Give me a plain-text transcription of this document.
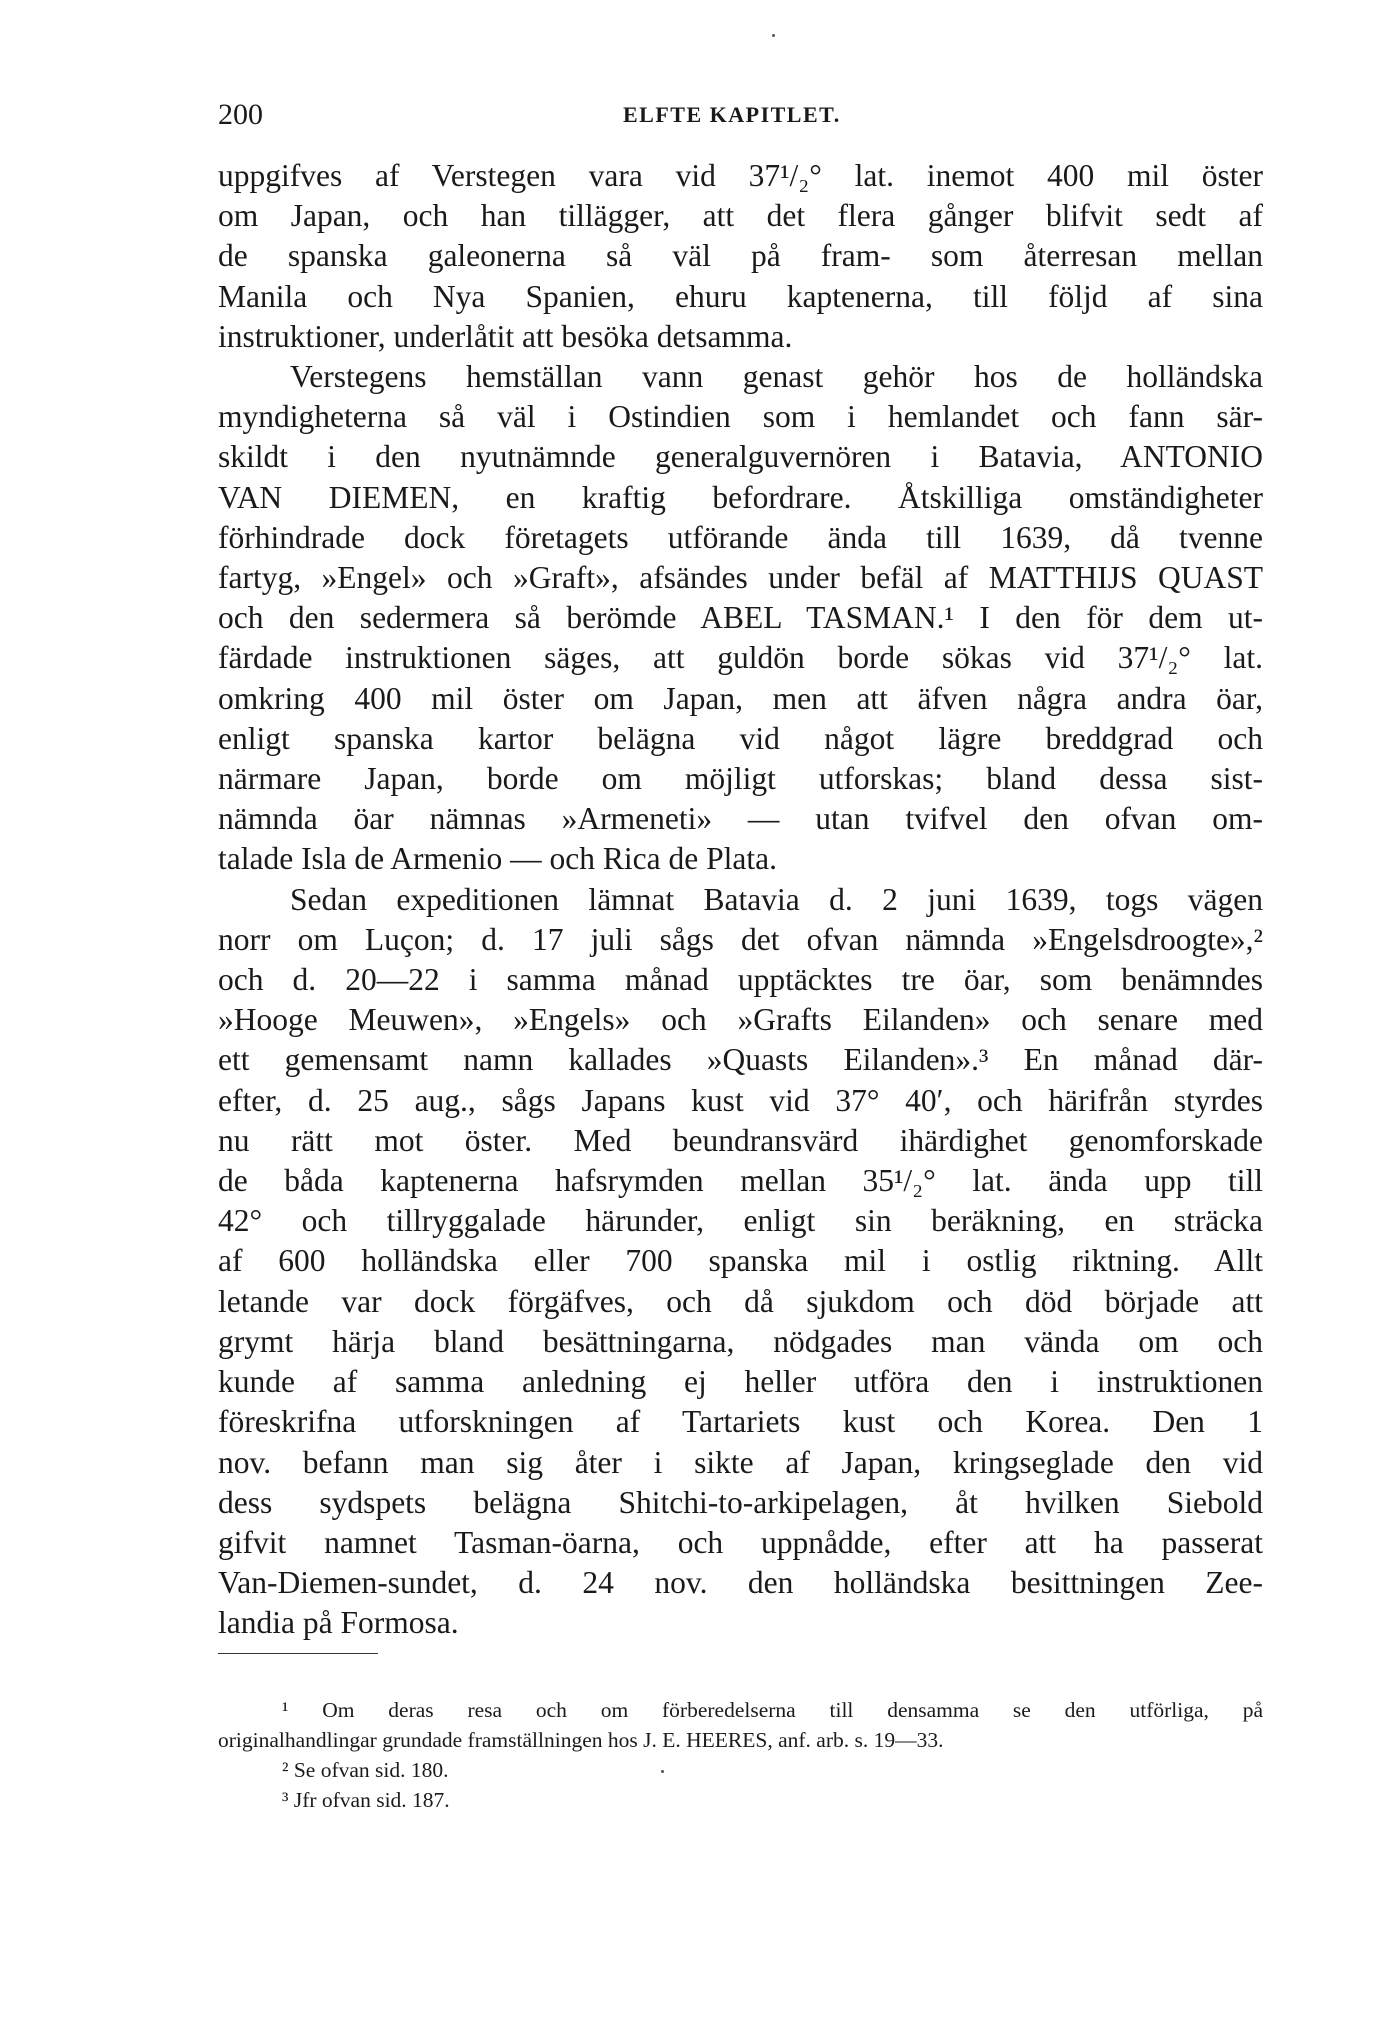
200	ELFTE KAPITLET.
uppgifves af Verstegen vara vid 37¹/₂° lat. inemot 400 mil öster
om Japan, och han tillägger, att det flera gånger blifvit sedt af
de spanska galeonerna så väl på fram- som återresan mellan
Manila och Nya Spanien, ehuru kaptenerna, till följd af sina
instruktioner, underlåtit att besöka detsamma.
Verstegens hemställan vann genast gehör hos de holländska
myndigheterna så väl i Ostindien som i hemlandet och fann sär-
skildt i den nyutnämnde generalguvernören i Batavia, ANTONIO
VAN DIEMEN, en kraftig befordrare. Åtskilliga omständigheter
förhindrade dock företagets utförande ända till 1639, då tvenne
fartyg, »Engel» och »Graft», afsändes under befäl af MATTHIJS QUAST
och den sedermera så berömde ABEL TASMAN.¹ I den för dem ut-
färdade instruktionen säges, att guldön borde sökas vid 37¹/₂° lat.
omkring 400 mil öster om Japan, men att äfven några andra öar,
enligt spanska kartor belägna vid något lägre breddgrad och
närmare Japan, borde om möjligt utforskas; bland dessa sist-
nämnda öar nämnas »Armeneti» — utan tvifvel den ofvan om-
talade Isla de Armenio — och Rica de Plata.
Sedan expeditionen lämnat Batavia d. 2 juni 1639, togs vägen
norr om Luçon; d. 17 juli sågs det ofvan nämnda »Engelsdroogte»,²
och d. 20—22 i samma månad upptäcktes tre öar, som benämndes
»Hooge Meuwen», »Engels» och »Grafts Eilanden» och senare med
ett gemensamt namn kallades »Quasts Eilanden».³ En månad där-
efter, d. 25 aug., sågs Japans kust vid 37° 40′, och härifrån styrdes
nu rätt mot öster. Med beundransvärd ihärdighet genomforskade
de båda kaptenerna hafsrymden mellan 35¹/₂° lat. ända upp till
42° och tillryggalade härunder, enligt sin beräkning, en sträcka
af 600 holländska eller 700 spanska mil i ostlig riktning. Allt
letande var dock förgäfves, och då sjukdom och död började att
grymt härja bland besättningarna, nödgades man vända om och
kunde af samma anledning ej heller utföra den i instruktionen
föreskrifna utforskningen af Tartariets kust och Korea. Den 1
nov. befann man sig åter i sikte af Japan, kringseglade den vid
dess sydspets belägna Shitchi-to-arkipelagen, åt hvilken Siebold
gifvit namnet Tasman-öarna, och uppnådde, efter att ha passerat
Van-Diemen-sundet, d. 24 nov. den holländska besittningen Zee-
landia på Formosa.
¹ Om deras resa och om förberedelserna till densamma se den utförliga, på
originalhandlingar grundade framställningen hos J. E. HEERES, anf. arb. s. 19—33.
² Se ofvan sid. 180.
³ Jfr ofvan sid. 187.
